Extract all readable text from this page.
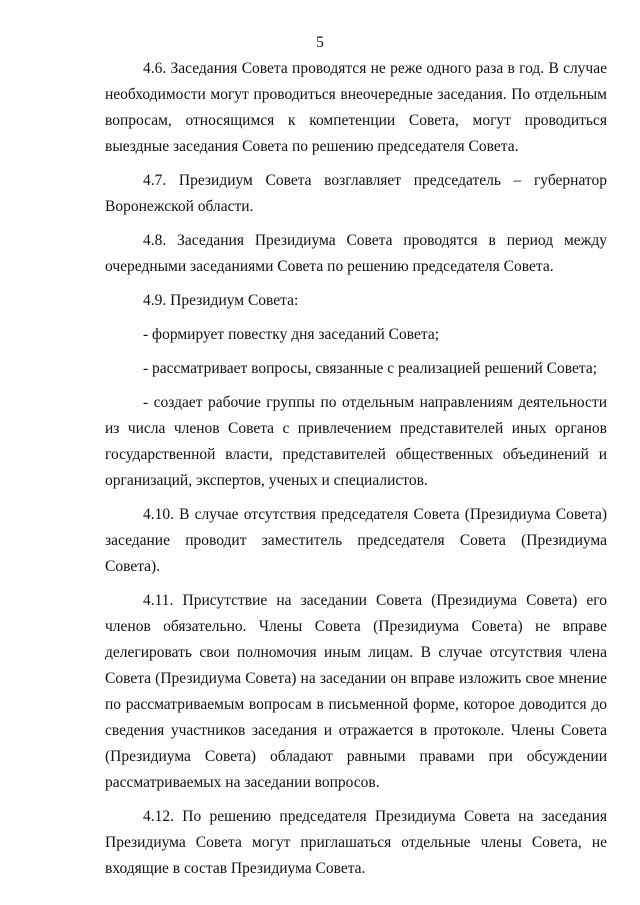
5

4.6. Заседания Совета проводятся не реже одного раза в год. В случае необходимости могут проводиться внеочередные заседания. По отдельным вопросам, относящимся к компетенции Совета, могут проводиться выездные заседания Совета по решению председателя Совета.

4.7. Президиум Совета возглавляет председатель – губернатор Воронежской области.

4.8. Заседания Президиума Совета проводятся в период между очередными заседаниями Совета по решению председателя Совета.

4.9. Президиум Совета:

- формирует повестку дня заседаний Совета;

- рассматривает вопросы, связанные с реализацией решений Совета;

- создает рабочие группы по отдельным направлениям деятельности из числа членов Совета с привлечением представителей иных органов государственной власти, представителей общественных объединений и организаций, экспертов, ученых и специалистов.

4.10. В случае отсутствия председателя Совета (Президиума Совета) заседание проводит заместитель председателя Совета (Президиума Совета).

4.11. Присутствие на заседании Совета (Президиума Совета) его членов обязательно. Члены Совета (Президиума Совета) не вправе делегировать свои полномочия иным лицам. В случае отсутствия члена Совета (Президиума Совета) на заседании он вправе изложить свое мнение по рассматриваемым вопросам в письменной форме, которое доводится до сведения участников заседания и отражается в протоколе. Члены Совета (Президиума Совета) обладают равными правами при обсуждении рассматриваемых на заседании вопросов.

4.12. По решению председателя Президиума Совета на заседания Президиума Совета могут приглашаться отдельные члены Совета, не входящие в состав Президиума Совета.
